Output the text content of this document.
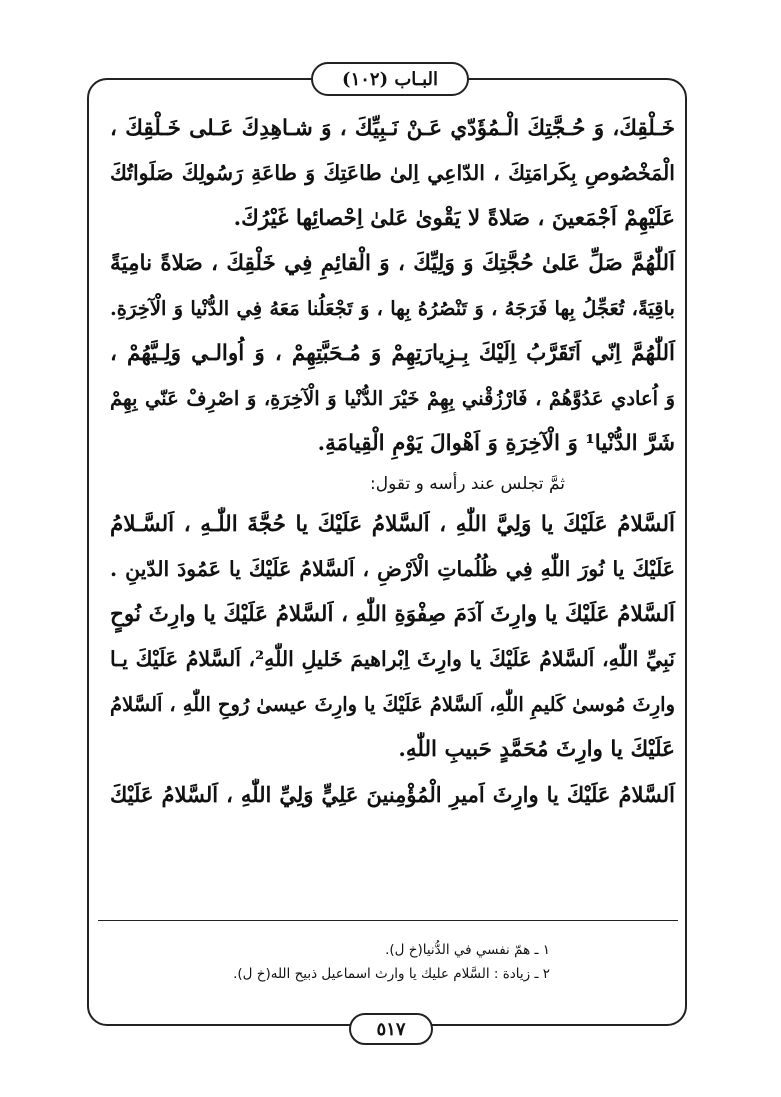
البـاب (١٠٢)
خَـلْقِكَ، وَ حُـجَّتِكَ الْـمُؤَدّي عَـنْ نَـبِيِّكَ ، وَ شـاهِدِكَ عَـلى خَـلْقِكَ ،
الْمَخْصُوصِ بِكَرامَتِكَ ، الدّاعِي اِلىٰ طاعَتِكَ وَ طاعَةِ رَسُولِكَ صَلَواتُكَ
عَلَيْهِمْ اَجْمَعينَ ، صَلاةً لا يَقْوىٰ عَلىٰ اِحْصائِها غَيْرُكَ.
اَللّٰهُمَّ صَلِّ عَلىٰ حُجَّتِكَ وَ وَلِيِّكَ ، وَ الْقائِمِ فِي خَلْقِكَ ، صَلاةً نامِيَةً
باقِيَةً، تُعَجِّلُ بِها فَرَجَهُ ، وَ تَنْصُرُهُ بِها ، وَ تَجْعَلُنا مَعَهُ فِي الدُّنْيا وَ الْآخِرَةِ.
اَللّٰهُمَّ اِنّي اَتَقَرَّبُ اِلَيْكَ بِـزِيارَتِهِمْ وَ مُـحَبَّتِهِمْ ، وَ اُوالـي وَلِـيَّهُمْ ،
وَ اُعادي عَدُوَّهُمْ ، فَارْزُقْني بِهِمْ خَيْرَ الدُّنْيا وَ الْآخِرَةِ، وَ اصْرِفْ عَنّي بِهِمْ
شَرَّ الدُّنْيا¹ وَ الْآخِرَةِ وَ اَهْوالَ يَوْمِ الْقِيامَةِ.
ثمَّ تجلس عند رأسه و تقول:
اَلسَّلامُ عَلَيْكَ يا وَلِيَّ اللّٰهِ ، اَلسَّلامُ عَلَيْكَ يا حُجَّةَ اللّٰـهِ ، اَلسَّـلامُ
عَلَيْكَ يا نُورَ اللّٰهِ فِي ظُلُماتِ الْاَرْضِ ، اَلسَّلامُ عَلَيْكَ يا عَمُودَ الدّينِ .
اَلسَّلامُ عَلَيْكَ يا وارِثَ آدَمَ صِفْوَةِ اللّٰهِ ، اَلسَّلامُ عَلَيْكَ يا وارِثَ نُوحٍ
نَبِيِّ اللّٰهِ، اَلسَّلامُ عَلَيْكَ يا وارِثَ اِبْراهيمَ خَليلِ اللّٰهِ²، اَلسَّلامُ عَلَيْكَ يـا
وارِثَ مُوسىٰ كَليمِ اللّٰهِ، اَلسَّلامُ عَلَيْكَ يا وارِثَ عيسىٰ رُوحِ اللّٰهِ ، اَلسَّلامُ
عَلَيْكَ يا وارِثَ مُحَمَّدٍ حَبيبِ اللّٰهِ.
اَلسَّلامُ عَلَيْكَ يا وارِثَ اَميرِ الْمُؤْمِنينَ عَلِيٍّ وَلِيِّ اللّٰهِ ، اَلسَّلامُ عَلَيْكَ
١ ـ همّ نفسي في الدُّنيا(خ ل).
٢ ـ زيادة : السَّلام عليك يا وارث اسماعيل ذبيح الله(خ ل).
٥١٧
